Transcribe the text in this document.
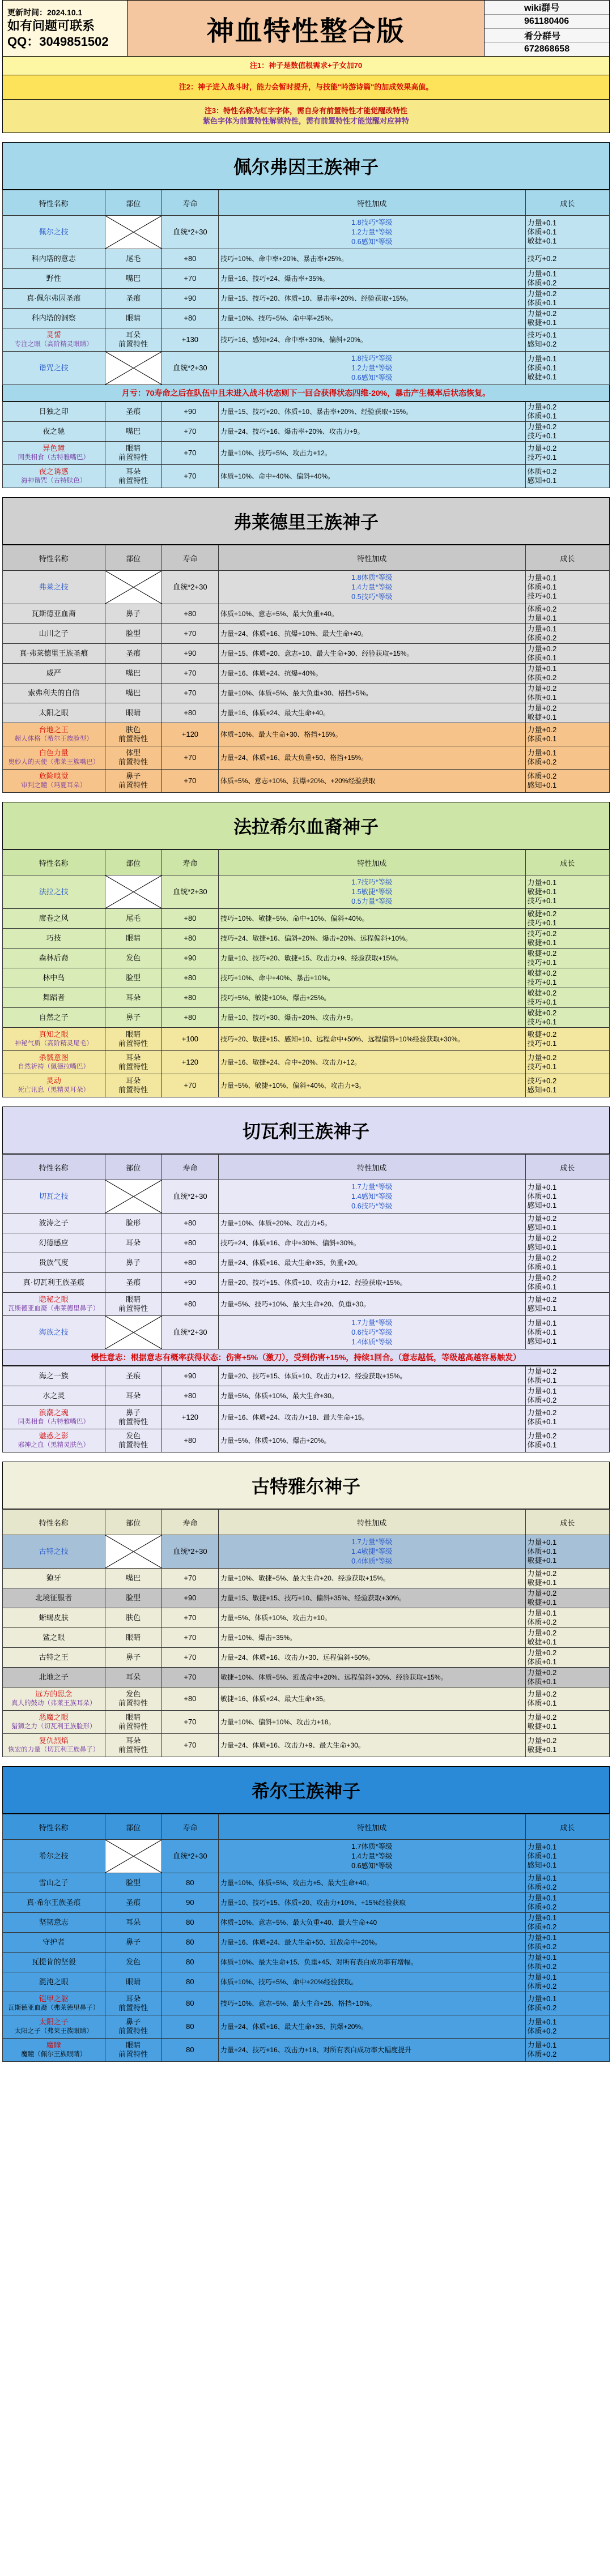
更新时间：2024.10.1
如有问题可联系
QQ：3049851502	神血特性整合版
wiki群号
961180406
肴分群号
672868658
注1：神子是数值根需求+子女加70
注2：神子进入战斗时，能力会暂时提升，与技能"吟游诗篇"的加成效果高值。
注3：特性名称为红字字体，需自身有前置特性才能觉醒改特性
紫色字体为前置特性解锁特性，需有前置特性才能觉醒对应神特
佩尔弗因王族神子
特性名称	部位	寿命	特性加成	成长

佩尔之技		血统*2+30	1.8技巧*等级
1.2力量*等级
0.6感知*等级	力量+0.1
体质+0.1
敏捷+0.1

科内塔的意志	尾毛	+80	技巧+10%、命中率+20%、暴击率+25%。	技巧+0.2

野性	嘴巴	+70	力量+16、技巧+24、爆击率+35%。	力量+0.1
体质+0.2

真·佩尔弗因圣痕	圣痕	+90	力量+15、技巧+20、体质+10、暴击率+20%、经验获取+15%。	力量+0.2
体质+0.1

科内塔的洞察	眼睛	+80	力量+10%、技巧+5%、命中率+25%。	力量+0.2
敏捷+0.1

灵誓
专注之眼（高阶精灵眼睛）	耳朵
前置特性	+130	技巧+16、感知+24、命中率+30%、偏斜+20%。	技巧+0.1
感知+0.2

谐咒之技		血统*2+30	1.8技巧*等级
1.2力量*等级
0.6感知*等级	力量+0.1
体质+0.1
敏捷+0.1
月亏：70寿命之后在队伍中且未进入战斗状态则下一回合获得状态四维-20%，暴击产生概率后状态恢复。
日独之印	圣痕	+90	力量+15、技巧+20、体质+10、暴击率+20%、经验获取+15%。	力量+0.2
体质+0.1

夜之驰	嘴巴	+70	力量+24、技巧+16、爆击率+20%、攻击力+9。	力量+0.2
技巧+0.1

异色瞳
同类相食（古特雅嘴巴）	眼睛
前置特性	+70	力量+10%、技巧+5%、攻击力+12。	力量+0.2
技巧+0.1

夜之诱惑
海神谐咒（古特肤色）	耳朵
前置特性	+70	体质+10%、命中+40%、偏斜+40%。	体质+0.2
感知+0.1
弗莱德里王族神子
特性名称	部位	寿命	特性加成	成长

弗莱之技		血统*2+30	1.8体质*等级
1.4力量*等级
0.5技巧*等级	力量+0.1
体质+0.1
技巧+0.1

瓦斯德亚血裔	鼻子	+80	体质+10%、意志+5%、最大负重+40。	体质+0.2
力量+0.1

山川之子	脸型	+70	力量+24、体质+16、抗爆+10%、最大生命+40。	力量+0.1
体质+0.2

真·弗莱德里王族圣痕	圣痕	+90	力量+15、体质+20、意志+10、最大生命+30、经验获取+15%。	力量+0.2
体质+0.1

威严	嘴巴	+70	力量+16、体质+24、抗爆+40%。	力量+0.1
体质+0.2

索弗利夫的自信	嘴巴	+70	力量+10%、体质+5%、最大负重+30、格挡+5%。	力量+0.2
体质+0.1

太阳之眼	眼睛	+80	力量+16、体质+24、最大生命+40。	力量+0.2
敏捷+0.1

台地之王
超人体格（希尔王族脸型）	肤色
前置特性	+120	体质+10%、最大生命+30、格挡+15%。	力量+0.2
体质+0.1

白色力量
奥妙人的天使（弗莱王族嘴巴）	体型
前置特性	+70	力量+24、体质+16、最大负重+50、格挡+15%。	力量+0.1
体质+0.2

危险嗅觉
审判之瞳（玛夏耳朵）	鼻子
前置特性	+70	体质+5%、意志+10%、抗爆+20%、+20%经验获取	体质+0.2
感知+0.1
法拉希尔血裔神子
特性名称	部位	寿命	特性加成	成长

法拉之技		血统*2+30	1.7技巧*等级
1.5敏捷*等级
0.5力量*等级	力量+0.1
敏捷+0.1
技巧+0.1

席卷之风	尾毛	+80	技巧+10%、敏捷+5%、命中+10%、偏斜+40%。	敏捷+0.2
技巧+0.1

巧技	眼睛	+80	技巧+24、敏捷+16、偏斜+20%、爆击+20%、远程偏斜+10%。	技巧+0.2
敏捷+0.1

森林后裔	发色	+90	力量+10、技巧+20、敏捷+15、攻击力+9、经验获取+15%。	敏捷+0.2
技巧+0.1

林中鸟	脸型	+80	技巧+10%、命中+40%、暴击+10%。	敏捷+0.2
技巧+0.1

舞蹈者	耳朵	+80	技巧+5%、敏捷+10%、爆击+25%。	敏捷+0.2
技巧+0.1

自然之子	鼻子	+80	力量+10、技巧+30、爆击+20%、攻击力+9。	敏捷+0.2
技巧+0.1

真知之眼
神秘气质（高阶精灵尾毛）	眼睛
前置特性	+100	技巧+20、敏捷+15、感知+10、远程命中+50%、远程偏斜+10%经验获取+30%。	敏捷+0.2
技巧+0.1

杀戮意图
自然祈祷（佩德拉嘴巴）	耳朵
前置特性	+120	力量+16、敏捷+24、命中+20%、攻击力+12。	力量+0.2
技巧+0.1

灵动
死亡讯息（黑精灵耳朵）	耳朵
前置特性	+70	力量+5%、敏捷+10%、偏斜+40%、攻击力+3。	技巧+0.2
感知+0.1
切瓦利王族神子
特性名称	部位	寿命	特性加成	成长

切瓦之技		血统*2+30	1.7力量*等级
1.4感知*等级
0.6技巧*等级	力量+0.1
体质+0.1
感知+0.1

波涛之子	脸形	+80	力量+10%、体质+20%、攻击力+5。	力量+0.2
感知+0.1

幻德感应	耳朵	+80	技巧+24、体质+16、命中+30%、偏斜+30%。	力量+0.2
感知+0.1

贵族气度	鼻子	+80	力量+24、体质+16、最大生命+35、负重+20。	力量+0.2
体质+0.1

真·切瓦利王族圣痕	圣痕	+90	力量+20、技巧+15、体质+10、攻击力+12、经验获取+15%。	力量+0.2
体质+0.1

隐秘之眼
瓦斯德亚血裔（弗莱德里鼻子）	眼睛
前置特性	+80	力量+5%、技巧+10%、最大生命+20、负重+30。	力量+0.2
感知+0.1

海族之技		血统*2+30	1.7力量*等级
0.6技巧*等级
1.4体质*等级	力量+0.1
体质+0.1
感知+0.1
慢性意志：根据意志有概率获得状态：伤害+5%（激刀），受到伤害+15%，持续1回合。（意志越低，等级越高越容易触发）
海之一族	圣痕	+90	力量+20、技巧+15、体质+10、攻击力+12、经验获取+15%。	力量+0.2
体质+0.1

水之灵	耳朵	+80	力量+5%、体质+10%、最大生命+30。	力量+0.1
体质+0.2

浪潮之魂
同类相食（古特雅嘴巴）	鼻子
前置特性	+120	力量+16、体质+24、攻击力+18、最大生命+15。	力量+0.2
体质+0.1

魅惑之影
邪神之血（黑精灵肤色）	发色
前置特性	+80	力量+5%、体质+10%、爆击+20%。	力量+0.2
体质+0.1
古特雅尔神子
特性名称	部位	寿命	特性加成	成长

古特之技		血统*2+30	1.7力量*等级
1.4敏捷*等级
0.4体质*等级	力量+0.1
体质+0.1
敏捷+0.1

獠牙	嘴巴	+70	力量+10%、敏捷+5%、最大生命+20、经验获取+15%。	力量+0.2
敏捷+0.1

北境征服者	脸型	+90	力量+15、敏捷+15、技巧+10、偏斜+35%、经验获取+30%。	力量+0.2
敏捷+0.1

蜥蜴皮肤	肤色	+70	力量+5%、体质+10%、攻击力+10。	力量+0.1
体质+0.2

鲨之眼	眼睛	+70	力量+10%、爆击+35%。	力量+0.2
敏捷+0.1

古特之王	鼻子	+70	力量+24、体质+16、攻击力+30、远程偏斜+50%。	力量+0.2
体质+0.1

北地之子	耳朵	+70	敏捷+10%、体质+5%、近战命中+20%、远程偏斜+30%、经验获取+15%。	力量+0.2
体质+0.1

远方的思念
真人的鼓动（弗莱王族耳朵）	发色
前置特性	+80	敏捷+16、体质+24、最大生命+35。	力量+0.2
体质+0.1

恶魔之眼
猎狮之力（切瓦利王族脸形）	眼睛
前置特性	+70	力量+10%、偏斜+10%、攻击力+18。	力量+0.2
敏捷+0.1

复仇烈焰
恢宏的力量（切瓦利王族鼻子）	耳朵
前置特性	+70	力量+24、体质+16、攻击力+9、最大生命+30。	力量+0.2
敏捷+0.1
希尔王族神子
特性名称	部位	寿命	特性加成	成长

希尔之技		血统*2+30	1.7体质*等级
1.4力量*等级
0.6感知*等级	力量+0.1
体质+0.1
感知+0.1

雪山之子	脸型	80	力量+10%、体质+5%、攻击力+5、最大生命+40。	力量+0.1
体质+0.2

真·希尔王族圣痕	圣痕	90	力量+10、技巧+15、体质+20、攻击力+10%、+15%经验获取	力量+0.1
体质+0.2

坚韧意志	耳朵	80	体质+10%、意志+5%、最大负重+40、最大生命+40	力量+0.1
体质+0.2

守护者	鼻子	80	力量+16、体质+24、最大生命+50、近战命中+20%。	力量+0.1
体质+0.2

瓦提肯的坚毅	发色	80	体质+10%、最大生命+15、负重+45、对所有表白成功率有增幅。	力量+0.1
体质+0.2

混沌之眼	眼睛	80	体质+10%、技巧+5%、命中+20%经验获取。	力量+0.1
体质+0.2

铠甲之躯
瓦斯德亚血裔（弗莱德里鼻子）	耳朵
前置特性	80	技巧+10%、意志+5%、最大生命+25、格挡+10%。	力量+0.1
体质+0.2

太阳之子
太阳之子（弗莱王族眼睛）	鼻子
前置特性	80	力量+24、体质+16、最大生命+35、抗爆+20%。	力量+0.1
体质+0.2

魔瞳
魔瞳（佩尔王族眼睛）	眼睛
前置特性	80	力量+24、技巧+16、攻击力+18、对所有表白成功率大幅度提升	力量+0.1
体质+0.2
